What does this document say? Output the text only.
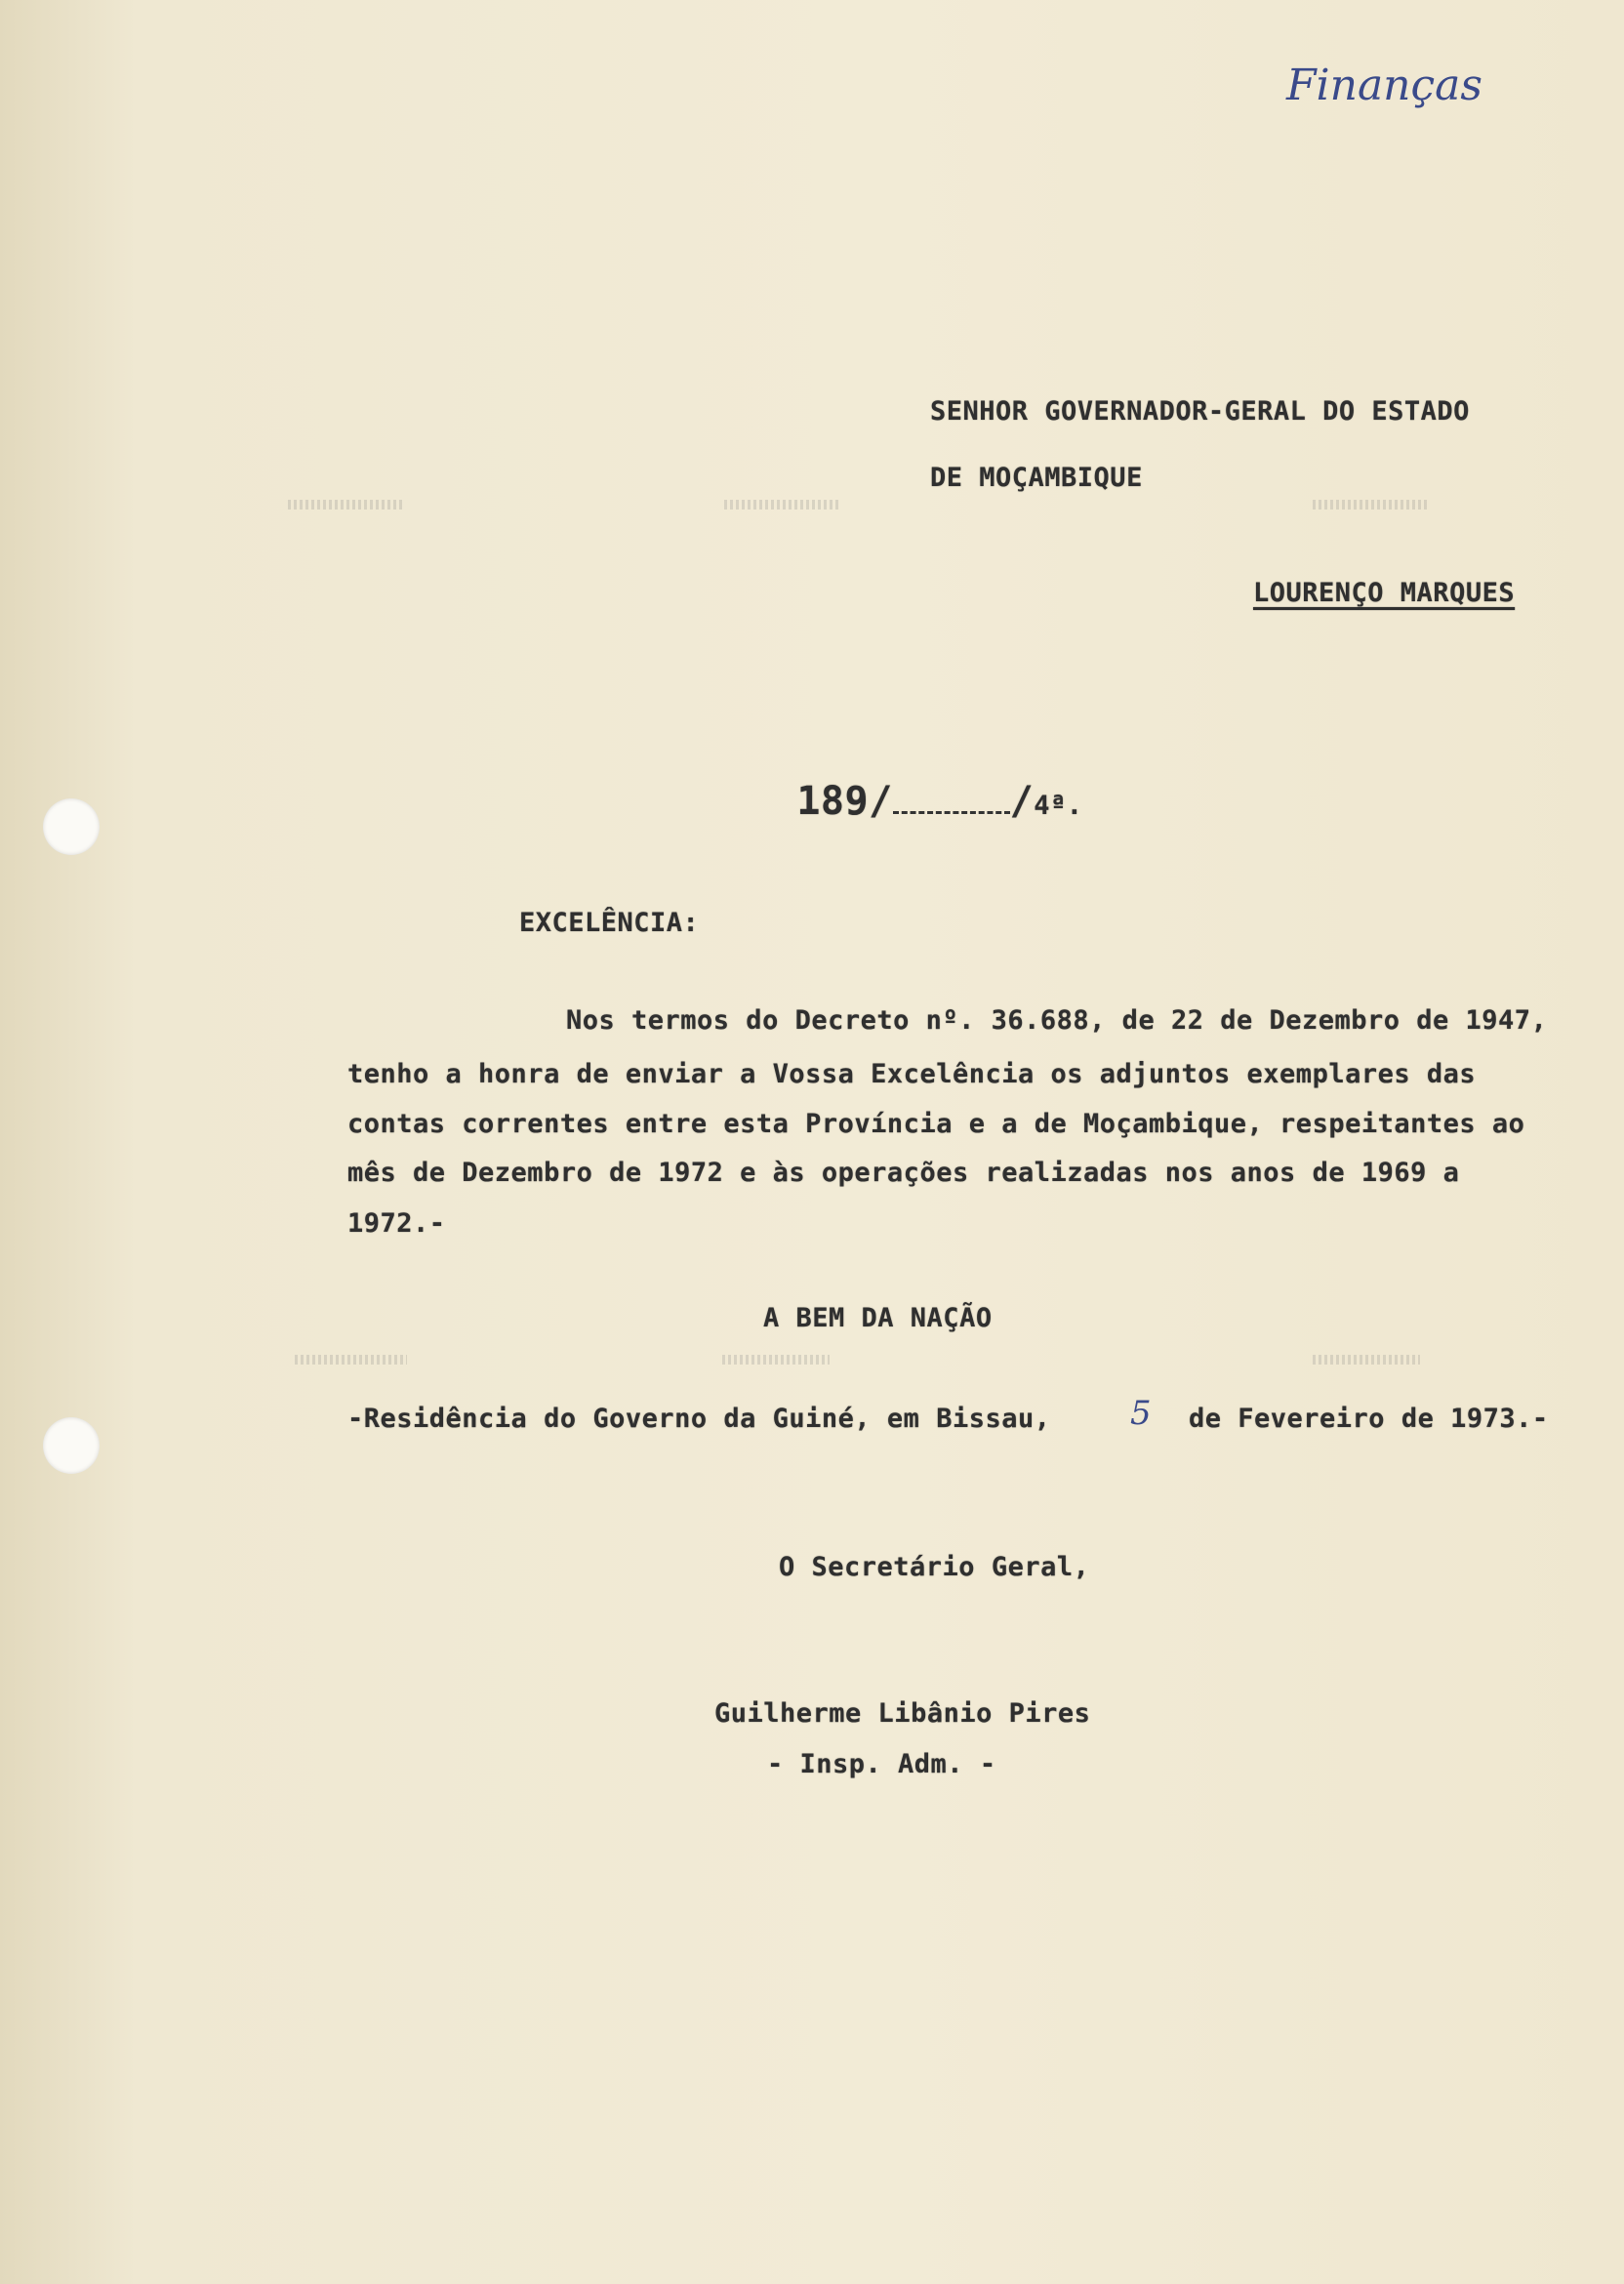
Finanças
SENHOR GOVERNADOR-GERAL DO ESTADO
DE MOÇAMBIQUE
LOURENÇO MARQUES

189/	/4ª.

EXCELÊNCIA:
Nos termos do Decreto nº. 36.688, de 22 de Dezembro de 1947,
tenho a honra de enviar a Vossa Excelência os adjuntos exemplares das
contas correntes entre esta Província e a de Moçambique, respeitantes ao
mês de Dezembro de 1972 e às operações realizadas nos anos de 1969 a
1972.-
A BEM DA NAÇÃO
-Residência do Governo da Guiné, em Bissau, 5 de Fevereiro de 1973.-
O Secretário Geral,
Guilherme Libânio Pires
- Insp. Adm. -
